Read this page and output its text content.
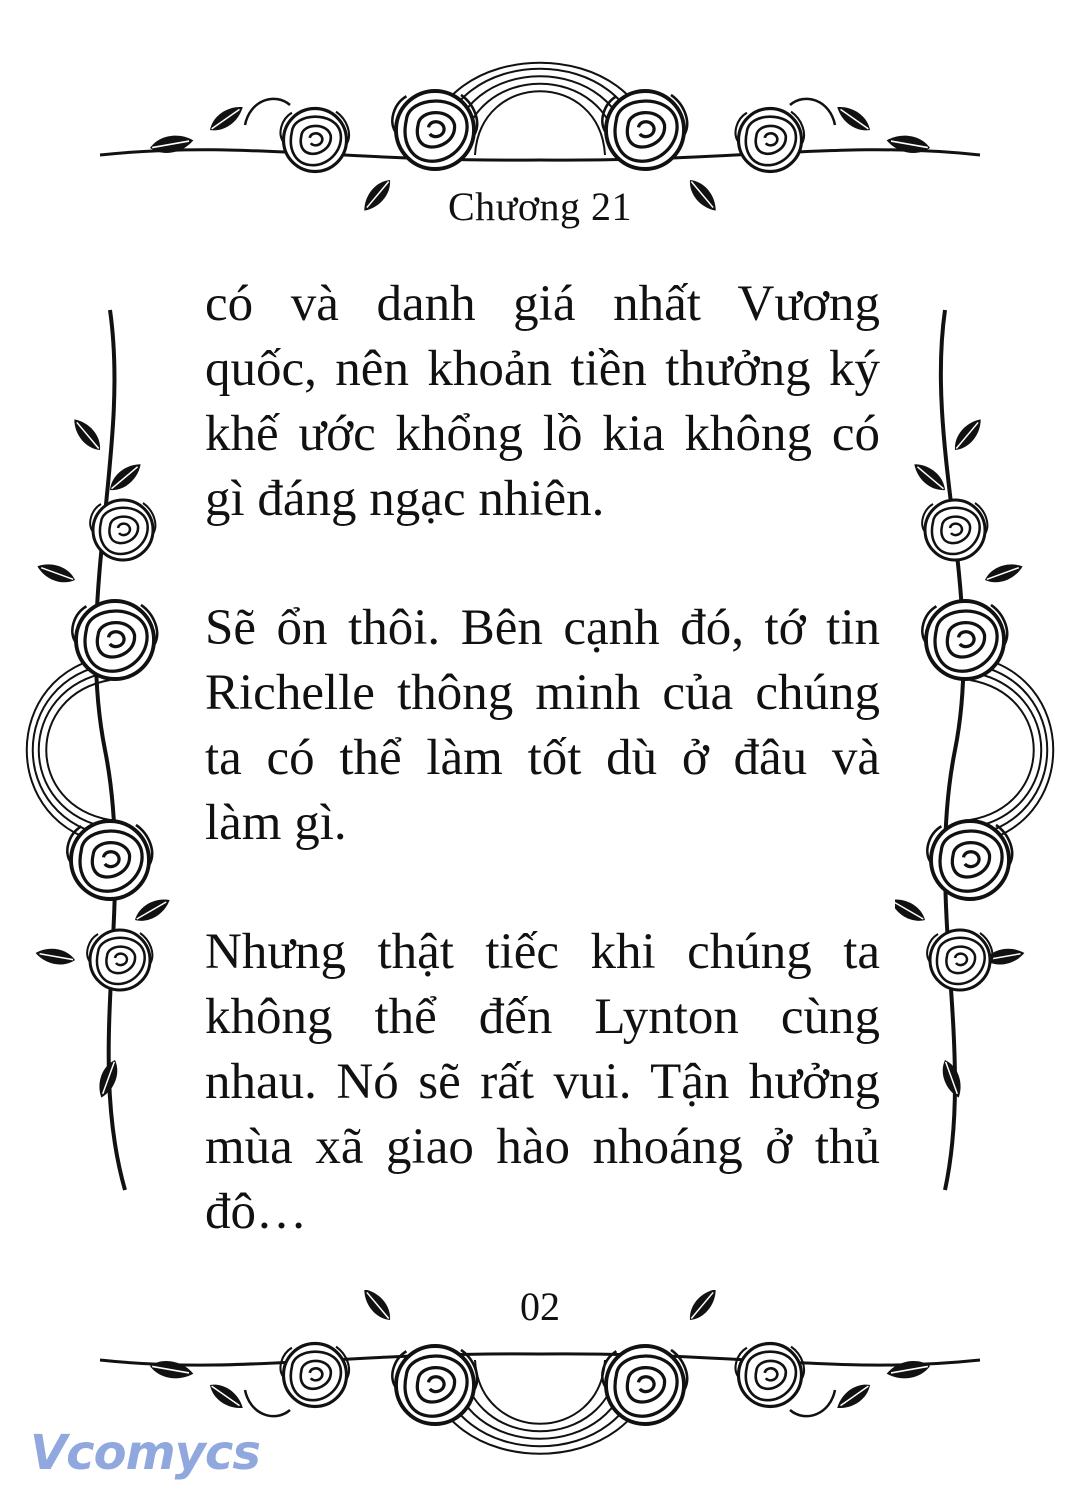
Chương 21

có và danh giá nhất Vương
quốc, nên khoản tiền thưởng ký
khế ước khổng lồ kia không có
gì đáng ngạc nhiên.

Sẽ ổn thôi. Bên cạnh đó, tớ tin
Richelle thông minh của chúng
ta có thể làm tốt dù ở đâu và
làm gì.

Nhưng thật tiếc khi chúng ta
không thể đến Lynton cùng
nhau. Nó sẽ rất vui. Tận hưởng
mùa xã giao hào nhoáng ở thủ
đô…

02
Vcomycs
